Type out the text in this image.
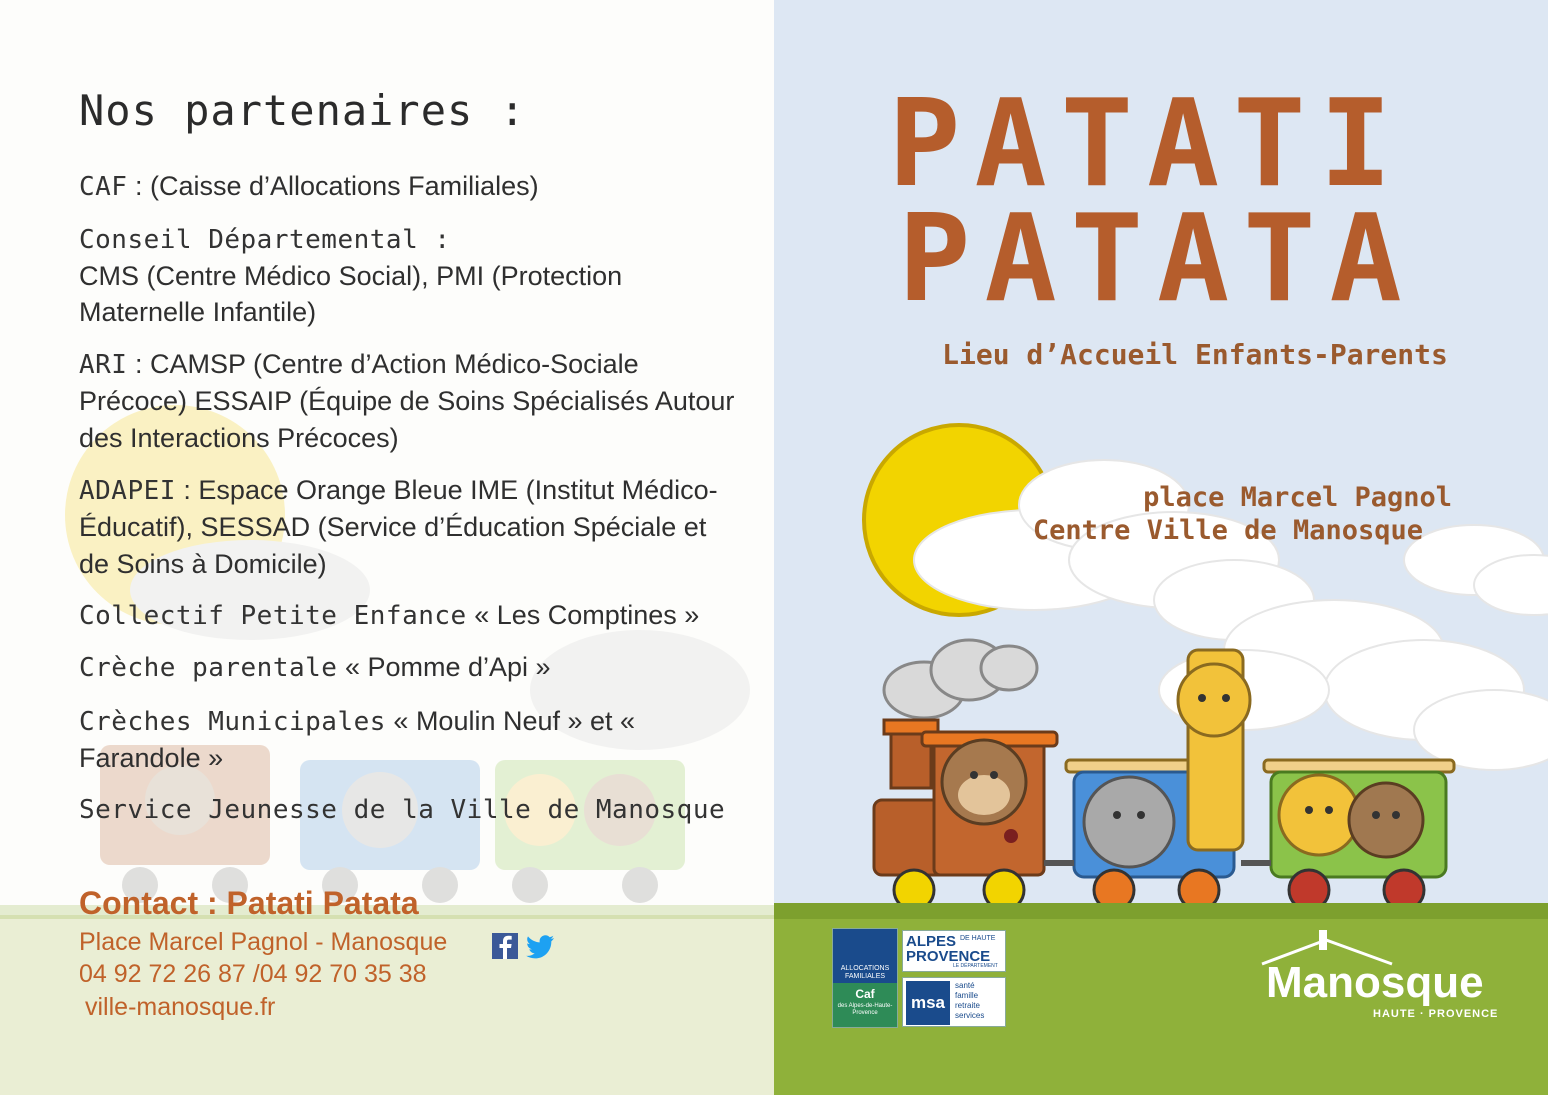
Nos partenaires :
CAF : (Caisse d’Allocations Familiales)
Conseil Départemental :
CMS (Centre Médico Social), PMI (Protection Maternelle Infantile)
ARI : CAMSP (Centre d’Action Médico-Sociale Précoce) ESSAIP (Équipe de Soins Spécialisés Autour des Interactions Précoces)
ADAPEI : Espace Orange Bleue IME (Institut Médico-Éducatif), SESSAD (Service d’Éducation Spéciale et de Soins à Domicile)
Collectif Petite Enfance « Les Comptines »
Crèche parentale « Pomme d’Api »
Crèches Municipales « Moulin Neuf » et « Farandole »
Service Jeunesse de la Ville de Manosque
Contact : Patati Patata
Place Marcel Pagnol - Manosque
04 92 72 26 87 /04 92 70 35 38
ville-manosque.fr
PATATI
PATATA
Lieu d’Accueil Enfants-Parents
place Marcel Pagnol
Centre Ville de Manosque
ALLOCATIONS
FAMILIALES
Caf
des Alpes-de-Haute-Provence
ALPES DE HAUTE
PROVENCE
LE DÉPARTEMENT
msa
santé
famille
retraite
services
Manosque
HAUTE · PROVENCE
